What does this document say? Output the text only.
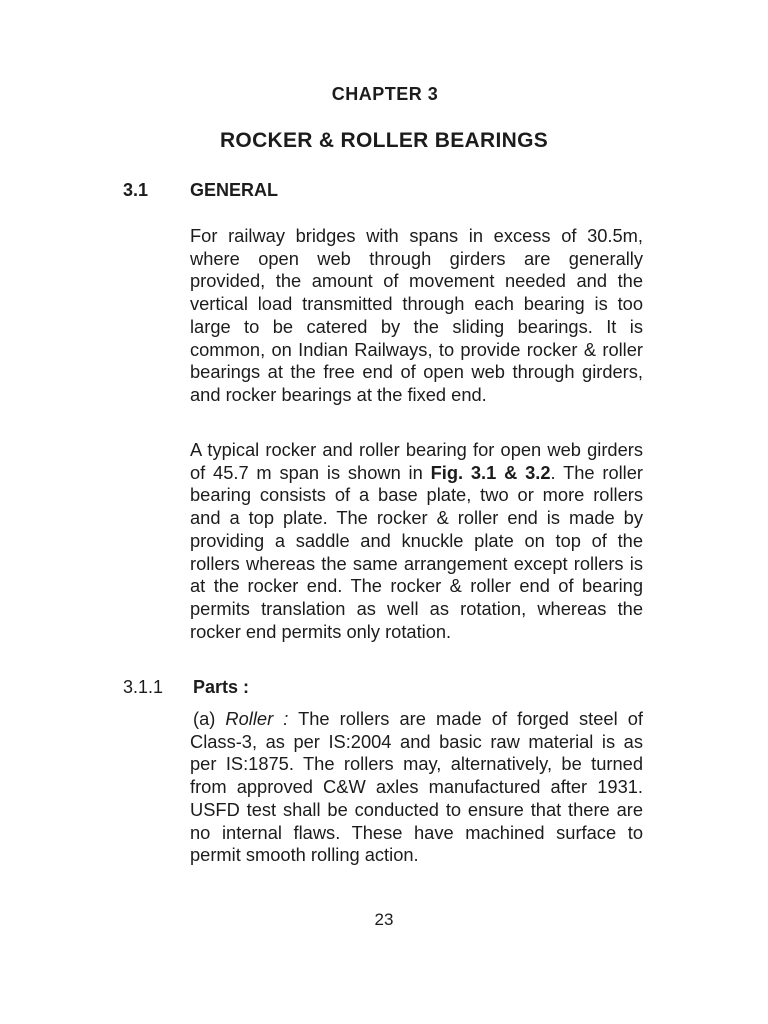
CHAPTER 3
ROCKER & ROLLER BEARINGS
3.1 GENERAL

For railway bridges with spans in excess of 30.5m, where open web through girders are generally provided, the amount of movement needed and the vertical load transmitted through each bearing is too large to be catered by the sliding bearings. It is common, on Indian Railways, to provide rocker & roller bearings at the free end of open web through girders, and rocker bearings at the fixed end.

A typical rocker and roller bearing for open web girders of 45.7 m span is shown in Fig. 3.1 & 3.2. The roller bearing consists of a base plate, two or more rollers and a top plate. The rocker & roller end is made by providing a saddle and knuckle plate on top of the rollers whereas the same arrangement except rollers is at the rocker end. The rocker & roller end of bearing permits translation as well as rotation, whereas the rocker end permits only rotation.

3.1.1 Parts :

(a) Roller : The rollers are made of forged steel of Class-3, as per IS:2004 and basic raw material is as per IS:1875. The rollers may, alternatively, be turned from approved C&W axles manufactured after 1931. USFD test shall be conducted to ensure that there are no internal flaws. These have machined surface to permit smooth rolling action.

23
